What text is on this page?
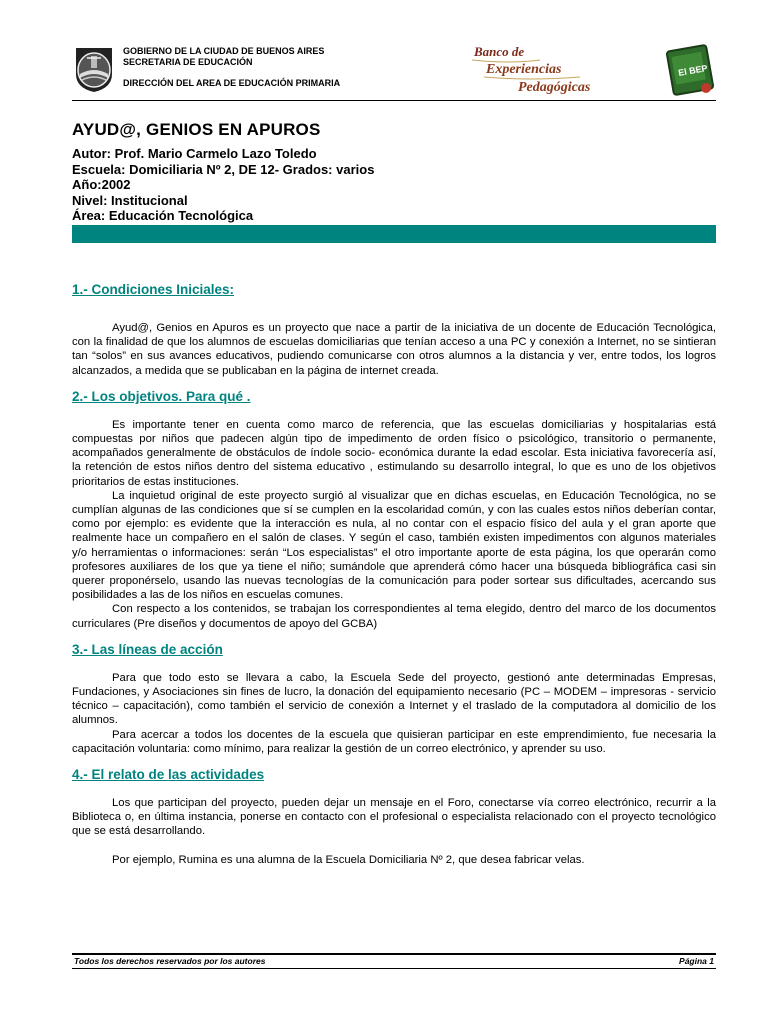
GOBIERNO DE LA CIUDAD DE BUENOS AIRES
SECRETARIA DE EDUCACIÓN
DIRECCIÓN DEL AREA DE EDUCACIÓN PRIMARIA
Banco de
Experiencias
Pedagógicas
El BEP
AYUD@, GENIOS EN APUROS
Autor: Prof. Mario Carmelo Lazo Toledo
Escuela: Domiciliaria Nº 2, DE 12- Grados: varios
Año:2002
Nivel: Institucional
Área: Educación Tecnológica
1.- Condiciones Iniciales:

Ayud@, Genios en Apuros es un proyecto que nace a partir de la iniciativa de un docente de Educación Tecnológica, con la finalidad de que los alumnos de escuelas domiciliarias que tenían acceso a una PC y conexión a Internet, no se sintieran tan “solos” en sus avances educativos, pudiendo comunicarse con otros alumnos a la distancia y ver, entre todos, los logros alcanzados, a medida que se publicaban en la página de internet creada.

2.- Los objetivos. Para qué .

Es importante tener en cuenta como marco de referencia, que las escuelas domiciliarias y hospitalarias está compuestas por niños que padecen algún tipo de impedimento de orden físico o psicológico, transitorio o permanente, acompañados generalmente de obstáculos de índole socio- económica durante la edad escolar. Esta iniciativa favorecería así, la retención de estos niños dentro del sistema educativo , estimulando su desarrollo integral, lo que es uno de los objetivos prioritarios de estas instituciones.

La inquietud original de este proyecto surgió al visualizar que en dichas escuelas, en Educación Tecnológica, no se cumplían algunas de las condiciones que sí se cumplen en la escolaridad común, y con las cuales estos niños deberían contar, como por ejemplo: es evidente que la interacción es nula, al no contar con el espacio físico del aula y el gran aporte que realmente hace un compañero en el salón de clases. Y según el caso, también existen impedimentos con algunos materiales y/o herramientas o informaciones: serán “Los especialistas” el otro importante aporte de esta página, los que operarán como profesores auxiliares de los que ya tiene el niño; sumándole que aprenderá cómo hacer una búsqueda bibliográfica casi sin querer proponérselo, usando las nuevas tecnologías de la comunicación para poder sortear sus dificultades, acercando sus posibilidades a las de los niños en escuelas comunes.

Con respecto a los contenidos, se trabajan los correspondientes al tema elegido, dentro del marco de los documentos curriculares (Pre diseños y documentos de apoyo del GCBA)

3.- Las líneas de acción

Para que todo esto se llevara a cabo, la Escuela Sede del proyecto, gestionó ante determinadas Empresas, Fundaciones, y Asociaciones sin fines de lucro, la donación del equipamiento necesario (PC – MODEM – impresoras - servicio técnico – capacitación), como también el servicio de conexión a Internet y el traslado de la computadora al domicilio de los alumnos.

Para acercar a todos los docentes de la escuela que quisieran participar en este emprendimiento, fue necesaria la capacitación voluntaria: como mínimo, para realizar la gestión de un correo electrónico, y aprender su uso.

4.- El relato de las actividades

Los que participan del proyecto, pueden dejar un mensaje en el Foro, conectarse vía correo electrónico, recurrir a la Biblioteca o, en última instancia, ponerse en contacto con el profesional o especialista relacionado con el proyecto tecnológico que se está desarrollando.

Por ejemplo, Rumina es una alumna de la Escuela Domiciliaria Nº 2, que desea fabricar velas.

Todos los derechos reservados por los autores	Página 1
